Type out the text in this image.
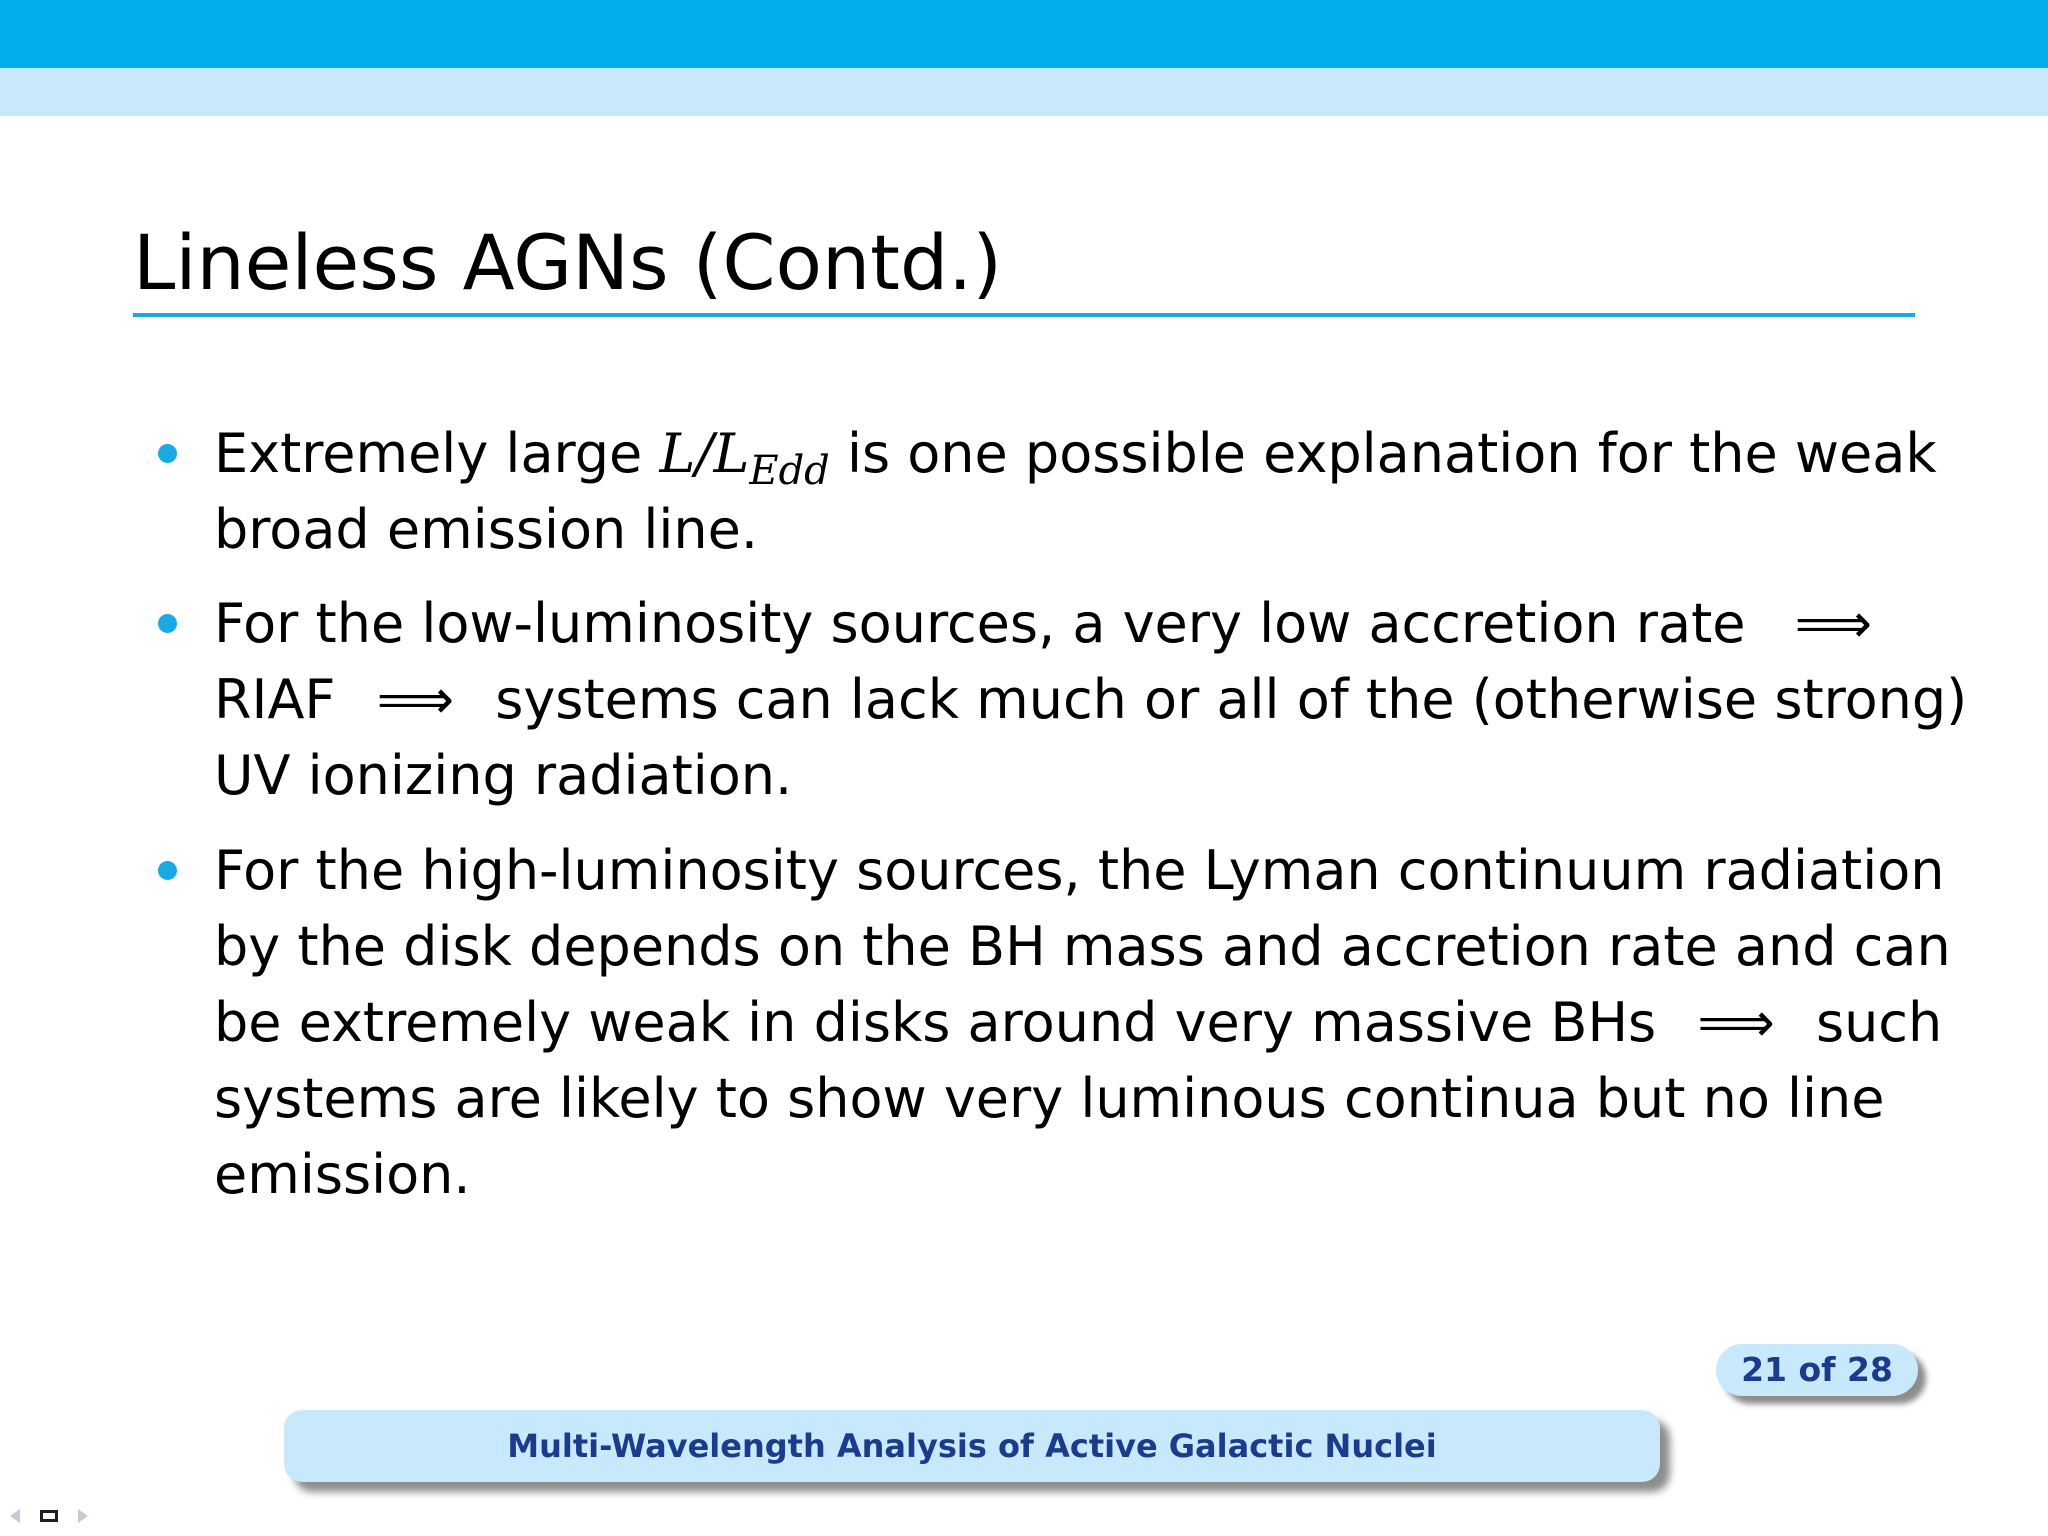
Lineless AGNs (Contd.)
Extremely large $L/L_{Edd}$ is one possible explanation for the weak
broad emission line.
For the low-luminosity sources, a very low accretion rate ⟹
RIAF ⟹ systems can lack much or all of the (otherwise strong)
UV ionizing radiation.
For the high-luminosity sources, the Lyman continuum radiation
by the disk depends on the BH mass and accretion rate and can
be extremely weak in disks around very massive BHs ⟹ such
systems are likely to show very luminous continua but no line
emission.
21 of 28
Multi-Wavelength Analysis of Active Galactic Nuclei
